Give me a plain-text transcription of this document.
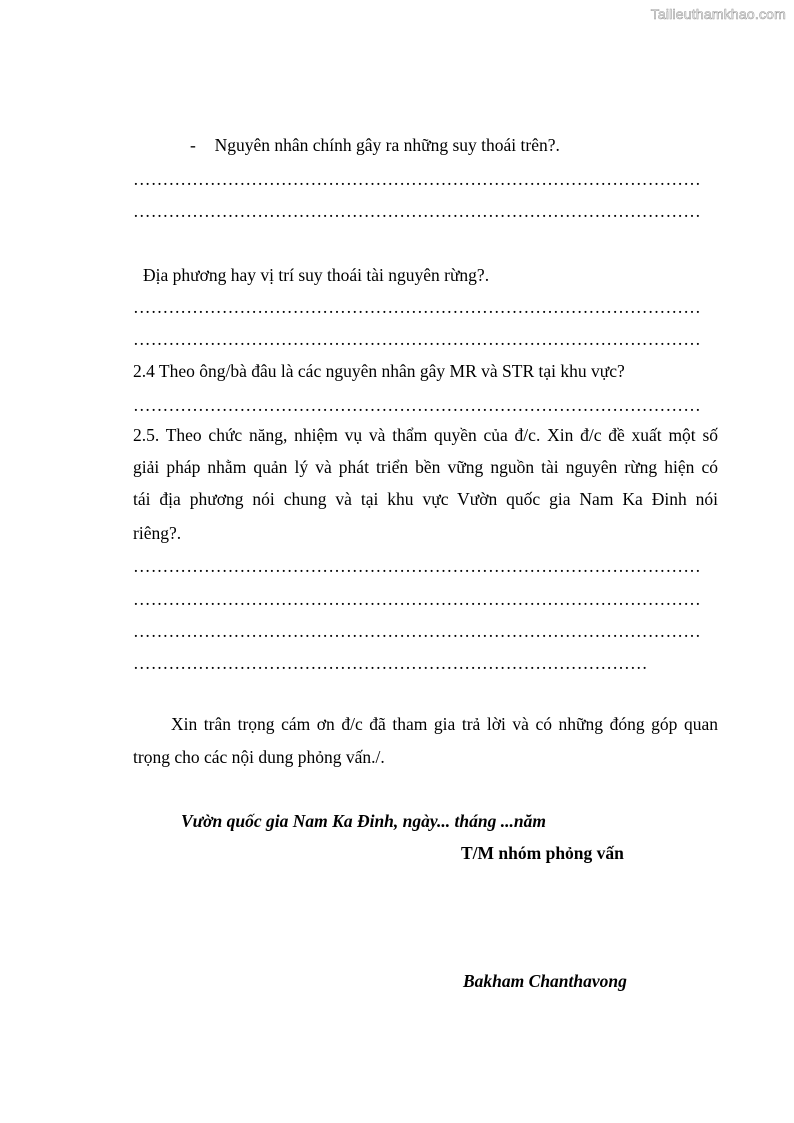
Tailieuthamkhao.com
- Nguyên nhân chính gây ra những suy thoái trên?.
……………………………………………………………………………………
……………………………………………………………………………………
Địa phương hay vị trí suy thoái tài nguyên rừng?.
……………………………………………………………………………………
……………………………………………………………………………………
2.4 Theo ông/bà đâu là các nguyên nhân gây MR và STR tại khu vực?
……………………………………………………………………………………
2.5. Theo chức năng, nhiệm vụ và thẩm quyền của đ/c. Xin đ/c đề xuất một số
giải pháp nhằm quản lý và phát triển bền vững nguồn tài nguyên rừng hiện có
tái địa phương nói chung và tại khu vực Vườn quốc gia Nam Ka Đinh nói
riêng?.
……………………………………………………………………………………
……………………………………………………………………………………
……………………………………………………………………………………
……………………………………………………………………………
Xin trân trọng cám ơn đ/c đã tham gia trả lời và có những đóng góp quan
trọng cho các nội dung phỏng vấn./.
Vườn quốc gia Nam Ka Đinh, ngày... tháng ...năm
T/M nhóm phỏng vấn
Bakham Chanthavong
